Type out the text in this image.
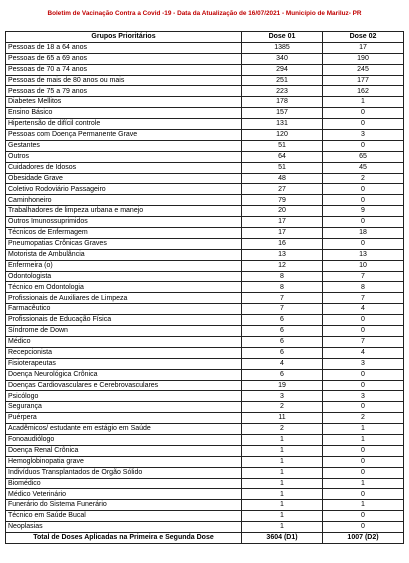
Boletim de Vacinação Contra a Covid -19 - Data da Atualização de 16/07/2021 - Município de Mariluz- PR
Grupos Prioritários	Dose 01	Dose 02
Pessoas de 18 a 64 anos	1385	17
Pessoas de 65 a 69 anos	340	190
Pessoas de 70 a 74 anos	294	245
Pessoas de mais de 80 anos ou mais	251	177
Pessoas de 75 a 79 anos	223	162
Diabetes Mellitos	178	1
Ensino Básico	157	0
Hipertensão de difícil controle	131	0
Pessoas com Doença Permanente Grave	120	3
Gestantes	51	0
Outros	64	65
Cuidadores de Idosos	51	45
Obesidade Grave	48	2
Coletivo Rodoviário Passageiro	27	0
Caminhoneiro	79	0
Trabalhadores de limpeza urbana e manejo	20	9
Outros Imunossuprimidos	17	0
Técnicos de Enfermagem	17	18
Pneumopatias Crônicas Graves	16	0
Motorista de Ambulância	13	13
Enfermeira (o)	12	10
Odontologista	8	7
Técnico em Odontologia	8	8
Profissionais de Auxiliares de Limpeza	7	7
Farmacêutico	7	4
Profissionais de Educação Física	6	0
Síndrome de Down	6	0
Médico	6	7
Recepcionista	6	4
Fisioterapeutas	4	3
Doença Neurológica Crônica	6	0
Doenças Cardiovasculares e Cerebrovasculares	19	0
Psicólogo	3	3
Segurança	2	0
Puérpera	11	2
Acadêmicos/ estudante em estágio em Saúde	2	1
Fonoaudiólogo	1	1
Doença Renal Crônica	1	0
Hemoglobinopatia grave	1	0
Indivíduos Transplantados de Orgão Sólido	1	0
Biomédico	1	1
Médico Veterinário	1	0
Funerário do Sistema Funerário	1	1
Técnico em Saúde Bucal	1	0
Neoplasias	1	0
Total de Doses Aplicadas na Primeira e Segunda Dose	3604 (D1)	1007 (D2)
